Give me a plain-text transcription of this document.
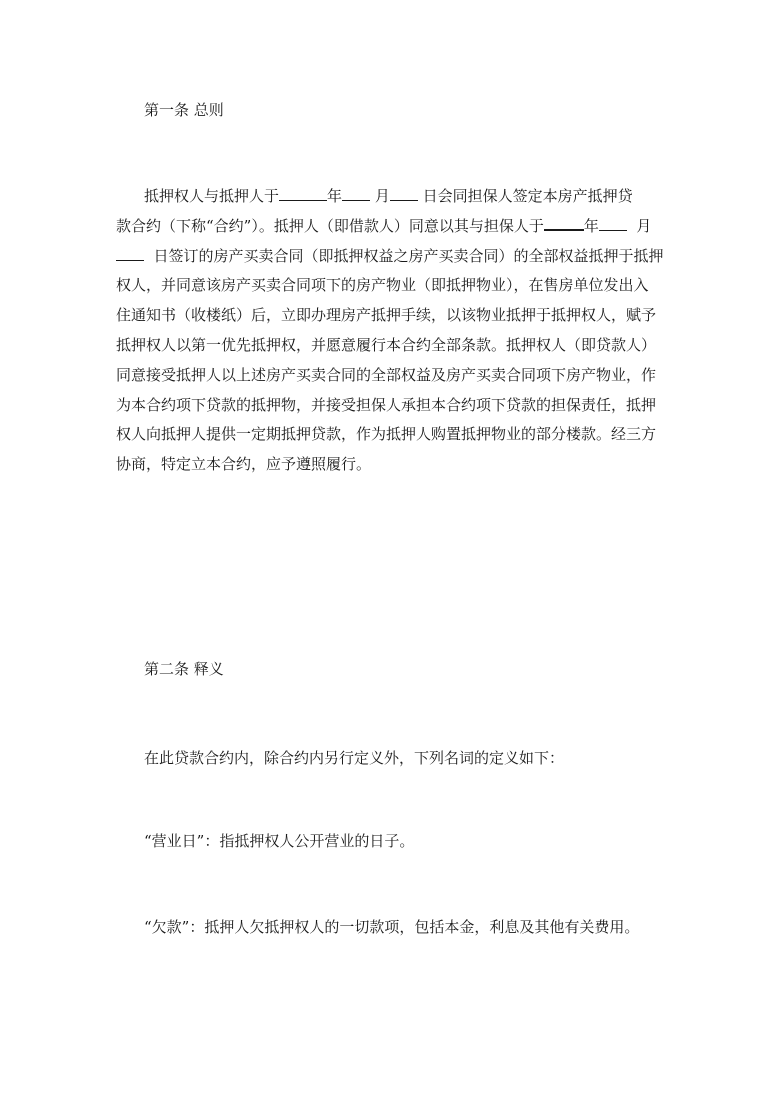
第一条 总则
抵押权人与抵押人于	年 月 日会同担保人签定本房产抵押贷
款合约（下称“合约”）。抵押人（即借款人）同意以其与担保人于	年	月
日签订的房产买卖合同（即抵押权益之房产买卖合同）的全部权益抵押于抵押
权人，并同意该房产买卖合同项下的房产物业（即抵押物业），在售房单位发出入
住通知书（收楼纸）后，立即办理房产抵押手续，以该物业抵押于抵押权人，赋予
抵押权人以第一优先抵押权，并愿意履行本合约全部条款。抵押权人（即贷款人）
同意接受抵押人以上述房产买卖合同的全部权益及房产买卖合同项下房产物业，作
为本合约项下贷款的抵押物，并接受担保人承担本合约项下贷款的担保责任，抵押
权人向抵押人提供一定期抵押贷款，作为抵押人购置抵押物业的部分楼款。经三方
协商，特定立本合约，应予遵照履行。
第二条 释义
在此贷款合约内，除合约内另行定义外，下列名词的定义如下：
“营业日”：指抵押权人公开营业的日子。
“欠款”：抵押人欠抵押权人的一切款项，包括本金，利息及其他有关费用。
